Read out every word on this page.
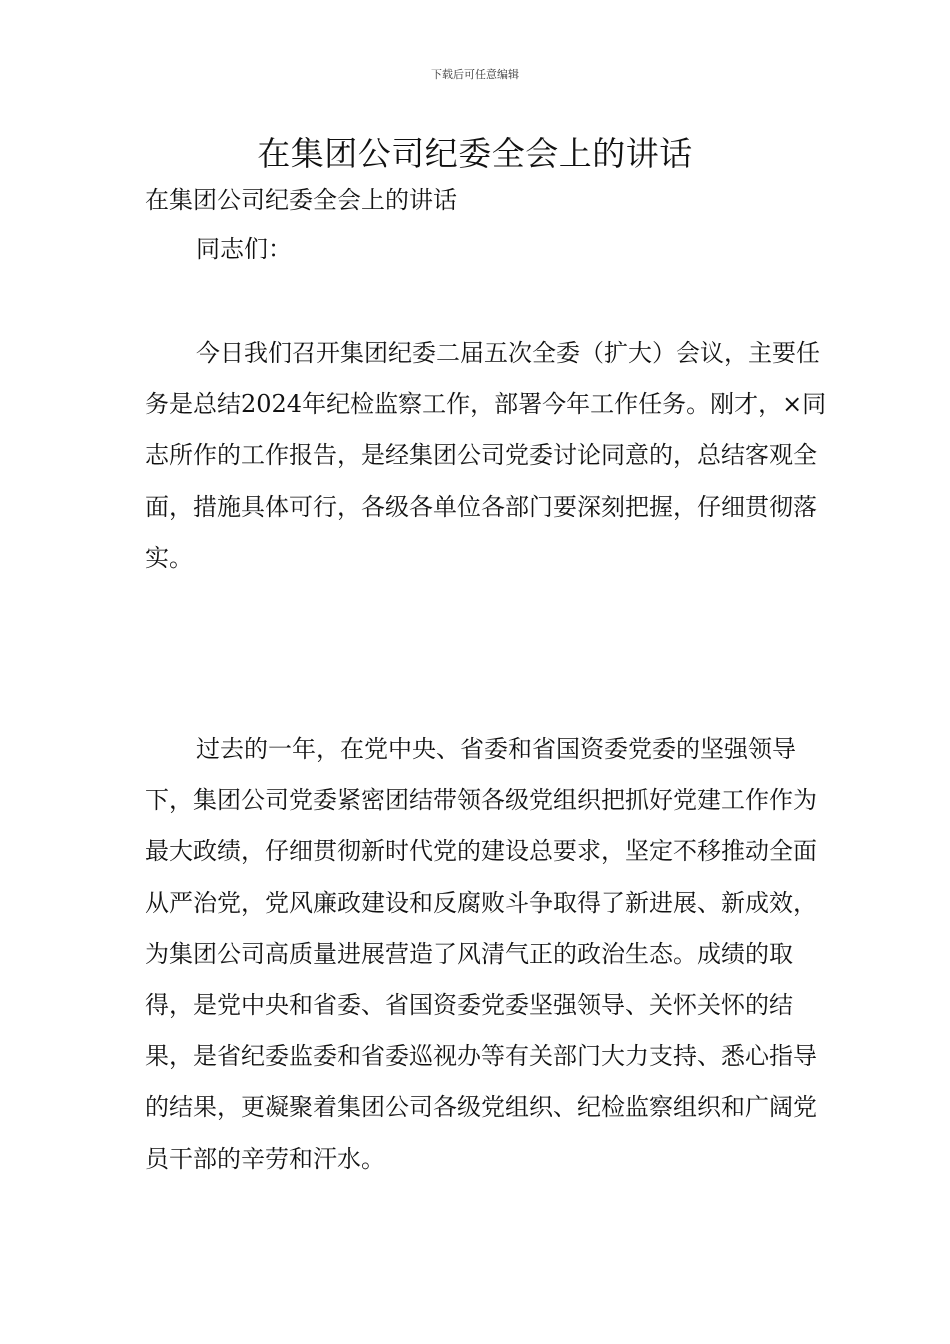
下载后可任意编辑
在集团公司纪委全会上的讲话
在集团公司纪委全会上的讲话
同志们：

今日我们召开集团纪委二届五次全委（扩大）会议，主要任务是总结2024年纪检监察工作，部署今年工作任务。刚才，×同志所作的工作报告，是经集团公司党委讨论同意的，总结客观全面，措施具体可行，各级各单位各部门要深刻把握，仔细贯彻落实。

过去的一年，在党中央、省委和省国资委党委的坚强领导下，集团公司党委紧密团结带领各级党组织把抓好党建工作作为最大政绩，仔细贯彻新时代党的建设总要求，坚定不移推动全面从严治党，党风廉政建设和反腐败斗争取得了新进展、新成效，为集团公司高质量进展营造了风清气正的政治生态。成绩的取得，是党中央和省委、省国资委党委坚强领导、关怀关怀的结果，是省纪委监委和省委巡视办等有关部门大力支持、悉心指导的结果，更凝聚着集团公司各级党组织、纪检监察组织和广阔党员干部的辛劳和汗水。
